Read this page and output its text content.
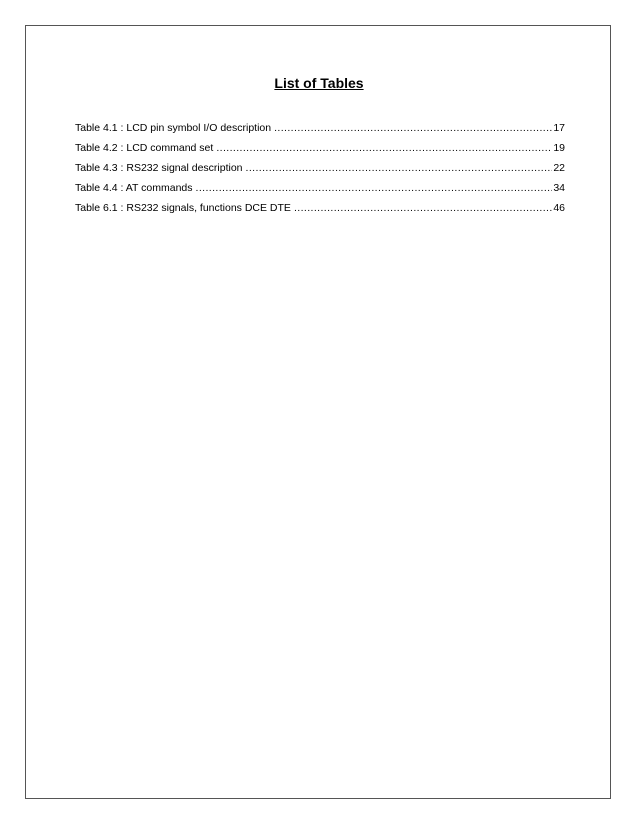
List of Tables
Table 4.1 : LCD pin symbol I/O description .....	17
Table 4.2 : LCD command set .....	19
Table 4.3 : RS232 signal description .....	22
Table 4.4 : AT commands .....	34
Table 6.1 : RS232 signals, functions DCE DTE .....	46
